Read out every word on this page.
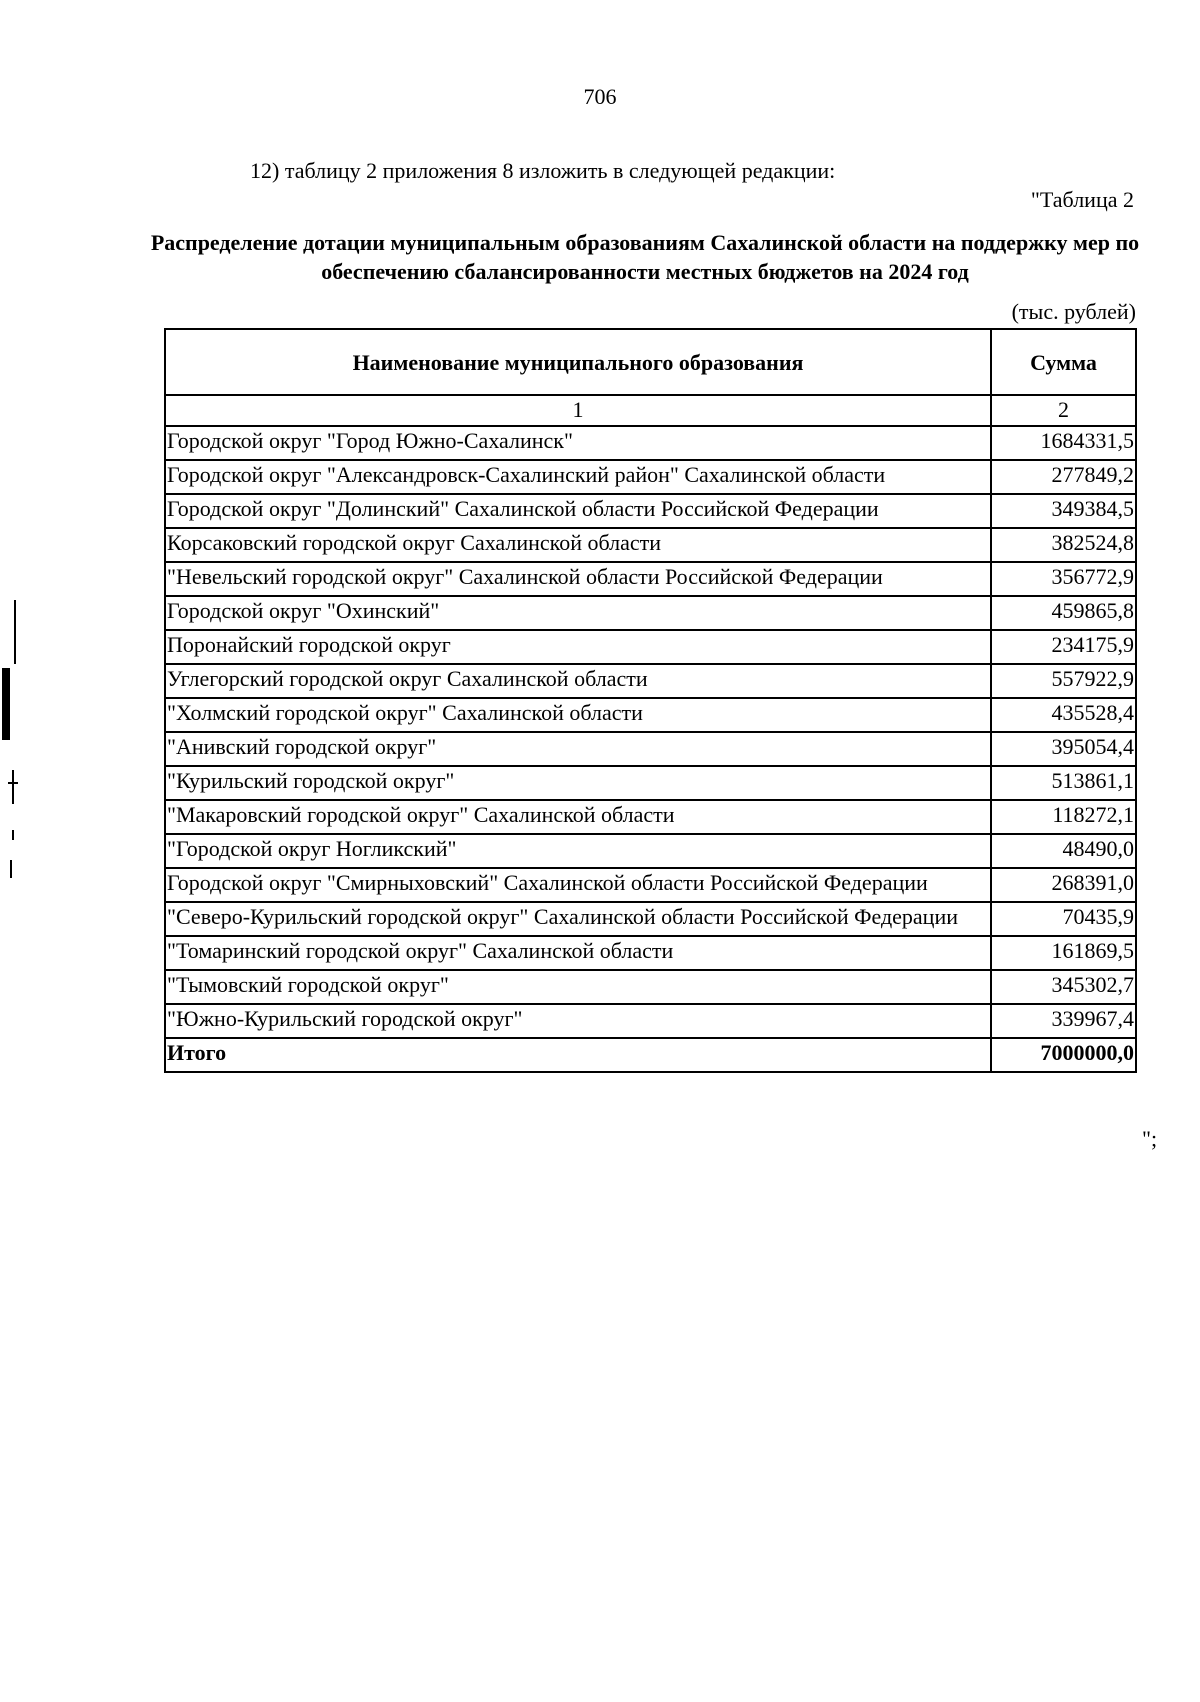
706
12) таблицу 2 приложения 8 изложить в следующей редакции:
"Таблица 2
Распределение дотации муниципальным образованиям Сахалинской области на поддержку мер по обеспечению сбалансированности местных бюджетов на 2024 год
(тыс. рублей)
Наименование муниципального образования	Сумма
1	2
Городской округ "Город Южно-Сахалинск"	1684331,5
Городской округ "Александровск-Сахалинский район" Сахалинской области	277849,2
Городской округ "Долинский" Сахалинской области Российской Федерации	349384,5
Корсаковский городской округ Сахалинской области	382524,8
"Невельский городской округ" Сахалинской области Российской Федерации	356772,9
Городской округ "Охинский"	459865,8
Поронайский городской округ	234175,9
Углегорский городской округ Сахалинской области	557922,9
"Холмский городской округ" Сахалинской области	435528,4
"Анивский городской округ"	395054,4
"Курильский городской округ"	513861,1
"Макаровский городской округ" Сахалинской области	118272,1
"Городской округ Ногликский"	48490,0
Городской округ "Смирныховский" Сахалинской области Российской Федерации	268391,0
"Северо-Курильский городской округ" Сахалинской области Российской Федерации	70435,9
"Томаринский городской округ" Сахалинской области	161869,5
"Тымовский городской округ"	345302,7
"Южно-Курильский городской округ"	339967,4
Итого	7000000,0
";
